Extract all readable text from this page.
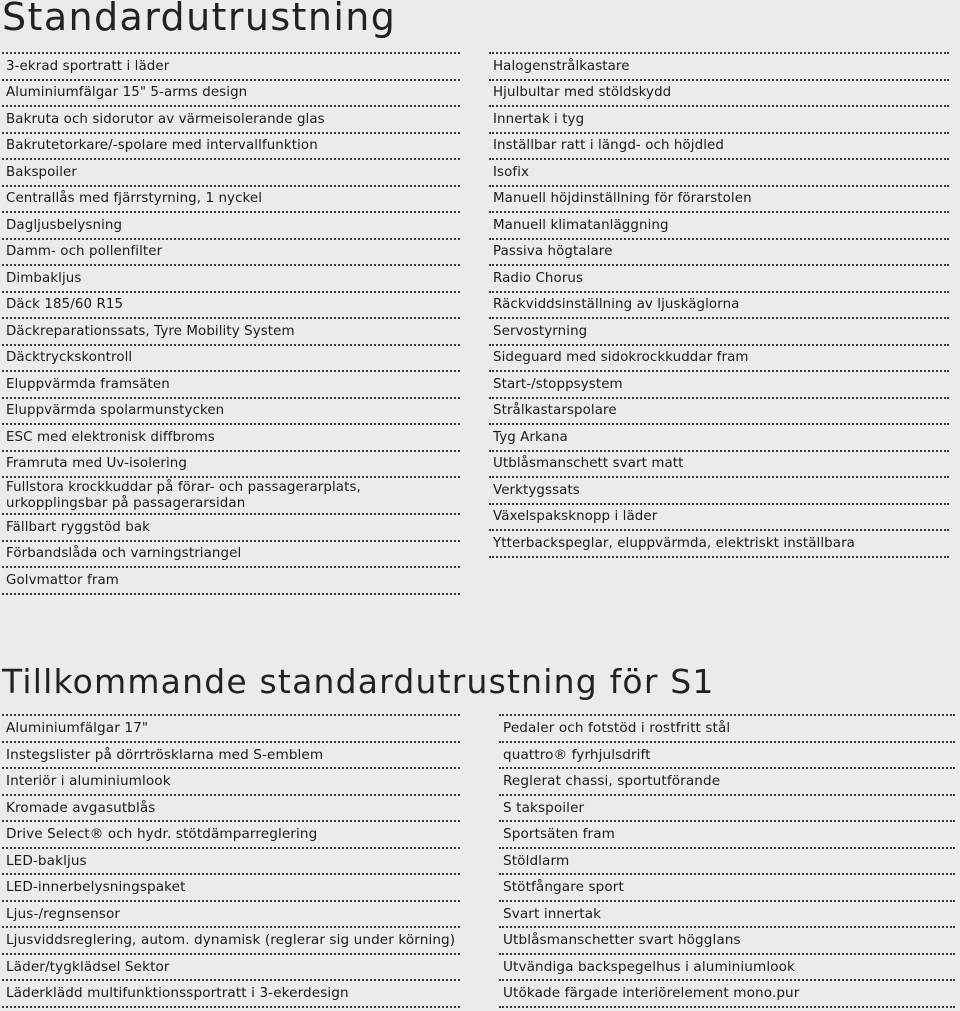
Standardutrustning
3-ekrad sportratt i läder
Aluminiumfälgar 15" 5-arms design
Bakruta och sidorutor av värmeisolerande glas
Bakrutetorkare/-spolare med intervallfunktion
Bakspoiler
Centrallås med fjärrstyrning, 1 nyckel
Dagljusbelysning
Damm- och pollenfilter
Dimbakljus
Däck 185/60 R15
Däckreparationssats, Tyre Mobility System
Däcktryckskontroll
Eluppvärmda framsäten
Eluppvärmda spolarmunstycken
ESC med elektronisk diffbroms
Framruta med Uv-isolering
Fullstora krockkuddar på förar- och passagerarplats, urkopplingsbar på passagerarsidan
Fällbart ryggstöd bak
Förbandslåda och varningstriangel
Golvmattor fram
Halogenstrålkastare
Hjulbultar med stöldskydd
Innertak i tyg
Inställbar ratt i längd- och höjdled
Isofix
Manuell höjdinställning för förarstolen
Manuell klimatanläggning
Passiva högtalare
Radio Chorus
Räckviddsinställning av ljuskäglorna
Servostyrning
Sideguard med sidokrockkuddar fram
Start-/stoppsystem
Strålkastarspolare
Tyg Arkana
Utblåsmanschett svart matt
Verktygssats
Växelspaksknopp i läder
Ytterbackspeglar, eluppvärmda, elektriskt inställbara
Tillkommande standardutrustning för S1
Aluminiumfälgar 17"
Instegslister på dörrtrösklarna med S-emblem
Interiör i aluminiumlook
Kromade avgasutblås
Drive Select® och hydr. stötdämparreglering
LED-bakljus
LED-innerbelysningspaket
Ljus-/regnsensor
Ljusviddsreglering, autom. dynamisk (reglerar sig under körning)
Läder/tygklädsel Sektor
Läderklädd multifunktionssportratt i 3-ekerdesign
Pedaler och fotstöd i rostfritt stål
quattro® fyrhjulsdrift
Reglerat chassi, sportutförande
S takspoiler
Sportsäten fram
Stöldlarm
Stötfångare sport
Svart innertak
Utblåsmanschetter svart högglans
Utvändiga backspegelhus i aluminiumlook
Utökade färgade interiörelement mono.pur
